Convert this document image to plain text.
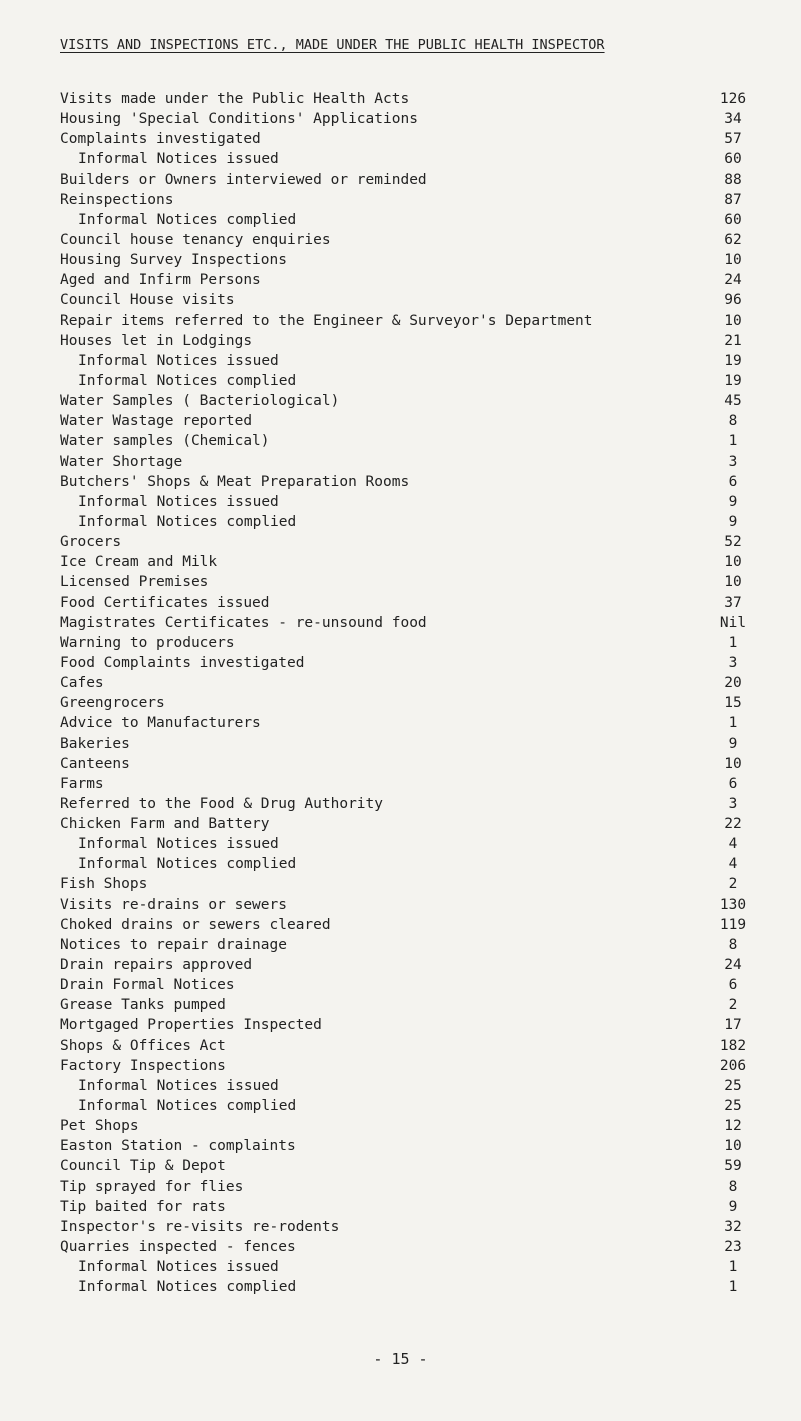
VISITS AND INSPECTIONS ETC., MADE UNDER THE PUBLIC HEALTH INSPECTOR
Visits made under the Public Health Acts	126
Housing 'Special Conditions' Applications	34
Complaints investigated	57
Informal Notices issued	60
Builders or Owners interviewed or reminded	88
Reinspections	87
Informal Notices complied	60
Council house tenancy enquiries	62
Housing Survey Inspections	10
Aged and Infirm Persons	24
Council House visits	96
Repair items referred to the Engineer & Surveyor's Department	10
Houses let in Lodgings	21
Informal Notices issued	19
Informal Notices complied	19
Water Samples ( Bacteriological)	45
Water Wastage reported	8
Water samples (Chemical)	1
Water Shortage	3
Butchers' Shops & Meat Preparation Rooms	6
Informal Notices issued	9
Informal Notices complied	9
Grocers	52
Ice Cream and Milk	10
Licensed Premises	10
Food Certificates issued	37
Magistrates Certificates - re-unsound food	Nil
Warning to producers	1
Food Complaints investigated	3
Cafes	20
Greengrocers	15
Advice to Manufacturers	1
Bakeries	9
Canteens	10
Farms	6
Referred to the Food & Drug Authority	3
Chicken Farm and Battery	22
Informal Notices issued	4
Informal Notices complied	4
Fish Shops	2
Visits re-drains or sewers	130
Choked drains or sewers cleared	119
Notices to repair drainage	8
Drain repairs approved	24
Drain Formal Notices	6
Grease Tanks pumped	2
Mortgaged Properties Inspected	17
Shops & Offices Act	182
Factory Inspections	206
Informal Notices issued	25
Informal Notices complied	25
Pet Shops	12
Easton Station - complaints	10
Council Tip & Depot	59
Tip sprayed for flies	8
Tip baited for rats	9
Inspector's re-visits re-rodents	32
Quarries inspected - fences	23
Informal Notices issued	1
Informal Notices complied	1
- 15 -
